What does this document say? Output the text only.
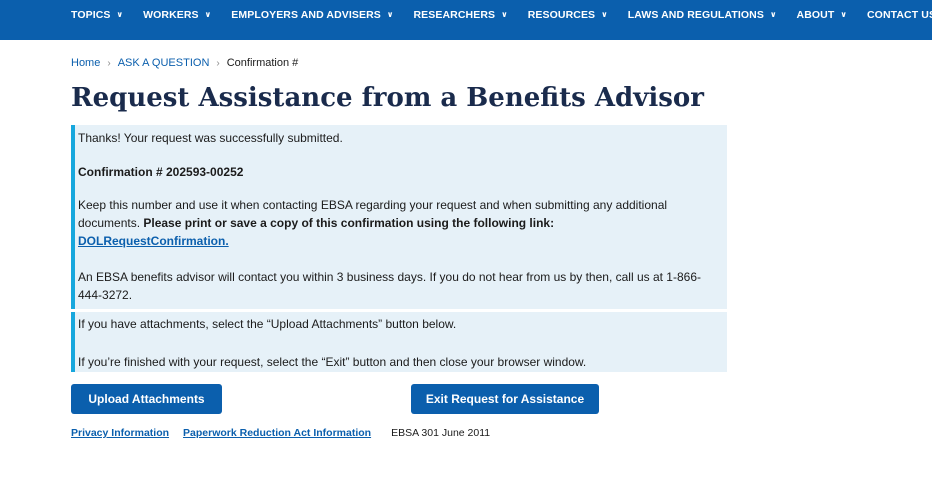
TOPICS ∨ WORKERS ∨ EMPLOYERS AND ADVISERS ∨ RESEARCHERS ∨ RESOURCES ∨ LAWS AND REGULATIONS ∨ ABOUT ∨ CONTACT US ∨
Home › ASK A QUESTION › Confirmation #
Request Assistance from a Benefits Advisor

Thanks! Your request was successfully submitted.

Confirmation # 202593-00252

Keep this number and use it when contacting EBSA regarding your request and when submitting any additional documents. Please print or save a copy of this confirmation using the following link:
DOLRequestConfirmation.

An EBSA benefits advisor will contact you within 3 business days. If you do not hear from us by then, call us at 1-866-444-3272.

If you have attachments, select the “Upload Attachments” button below.

If you’re finished with your request, select the “Exit” button and then close your browser window.

Upload Attachments	Exit Request for Assistance
Privacy Information Paperwork Reduction Act Information EBSA 301 June 2011
